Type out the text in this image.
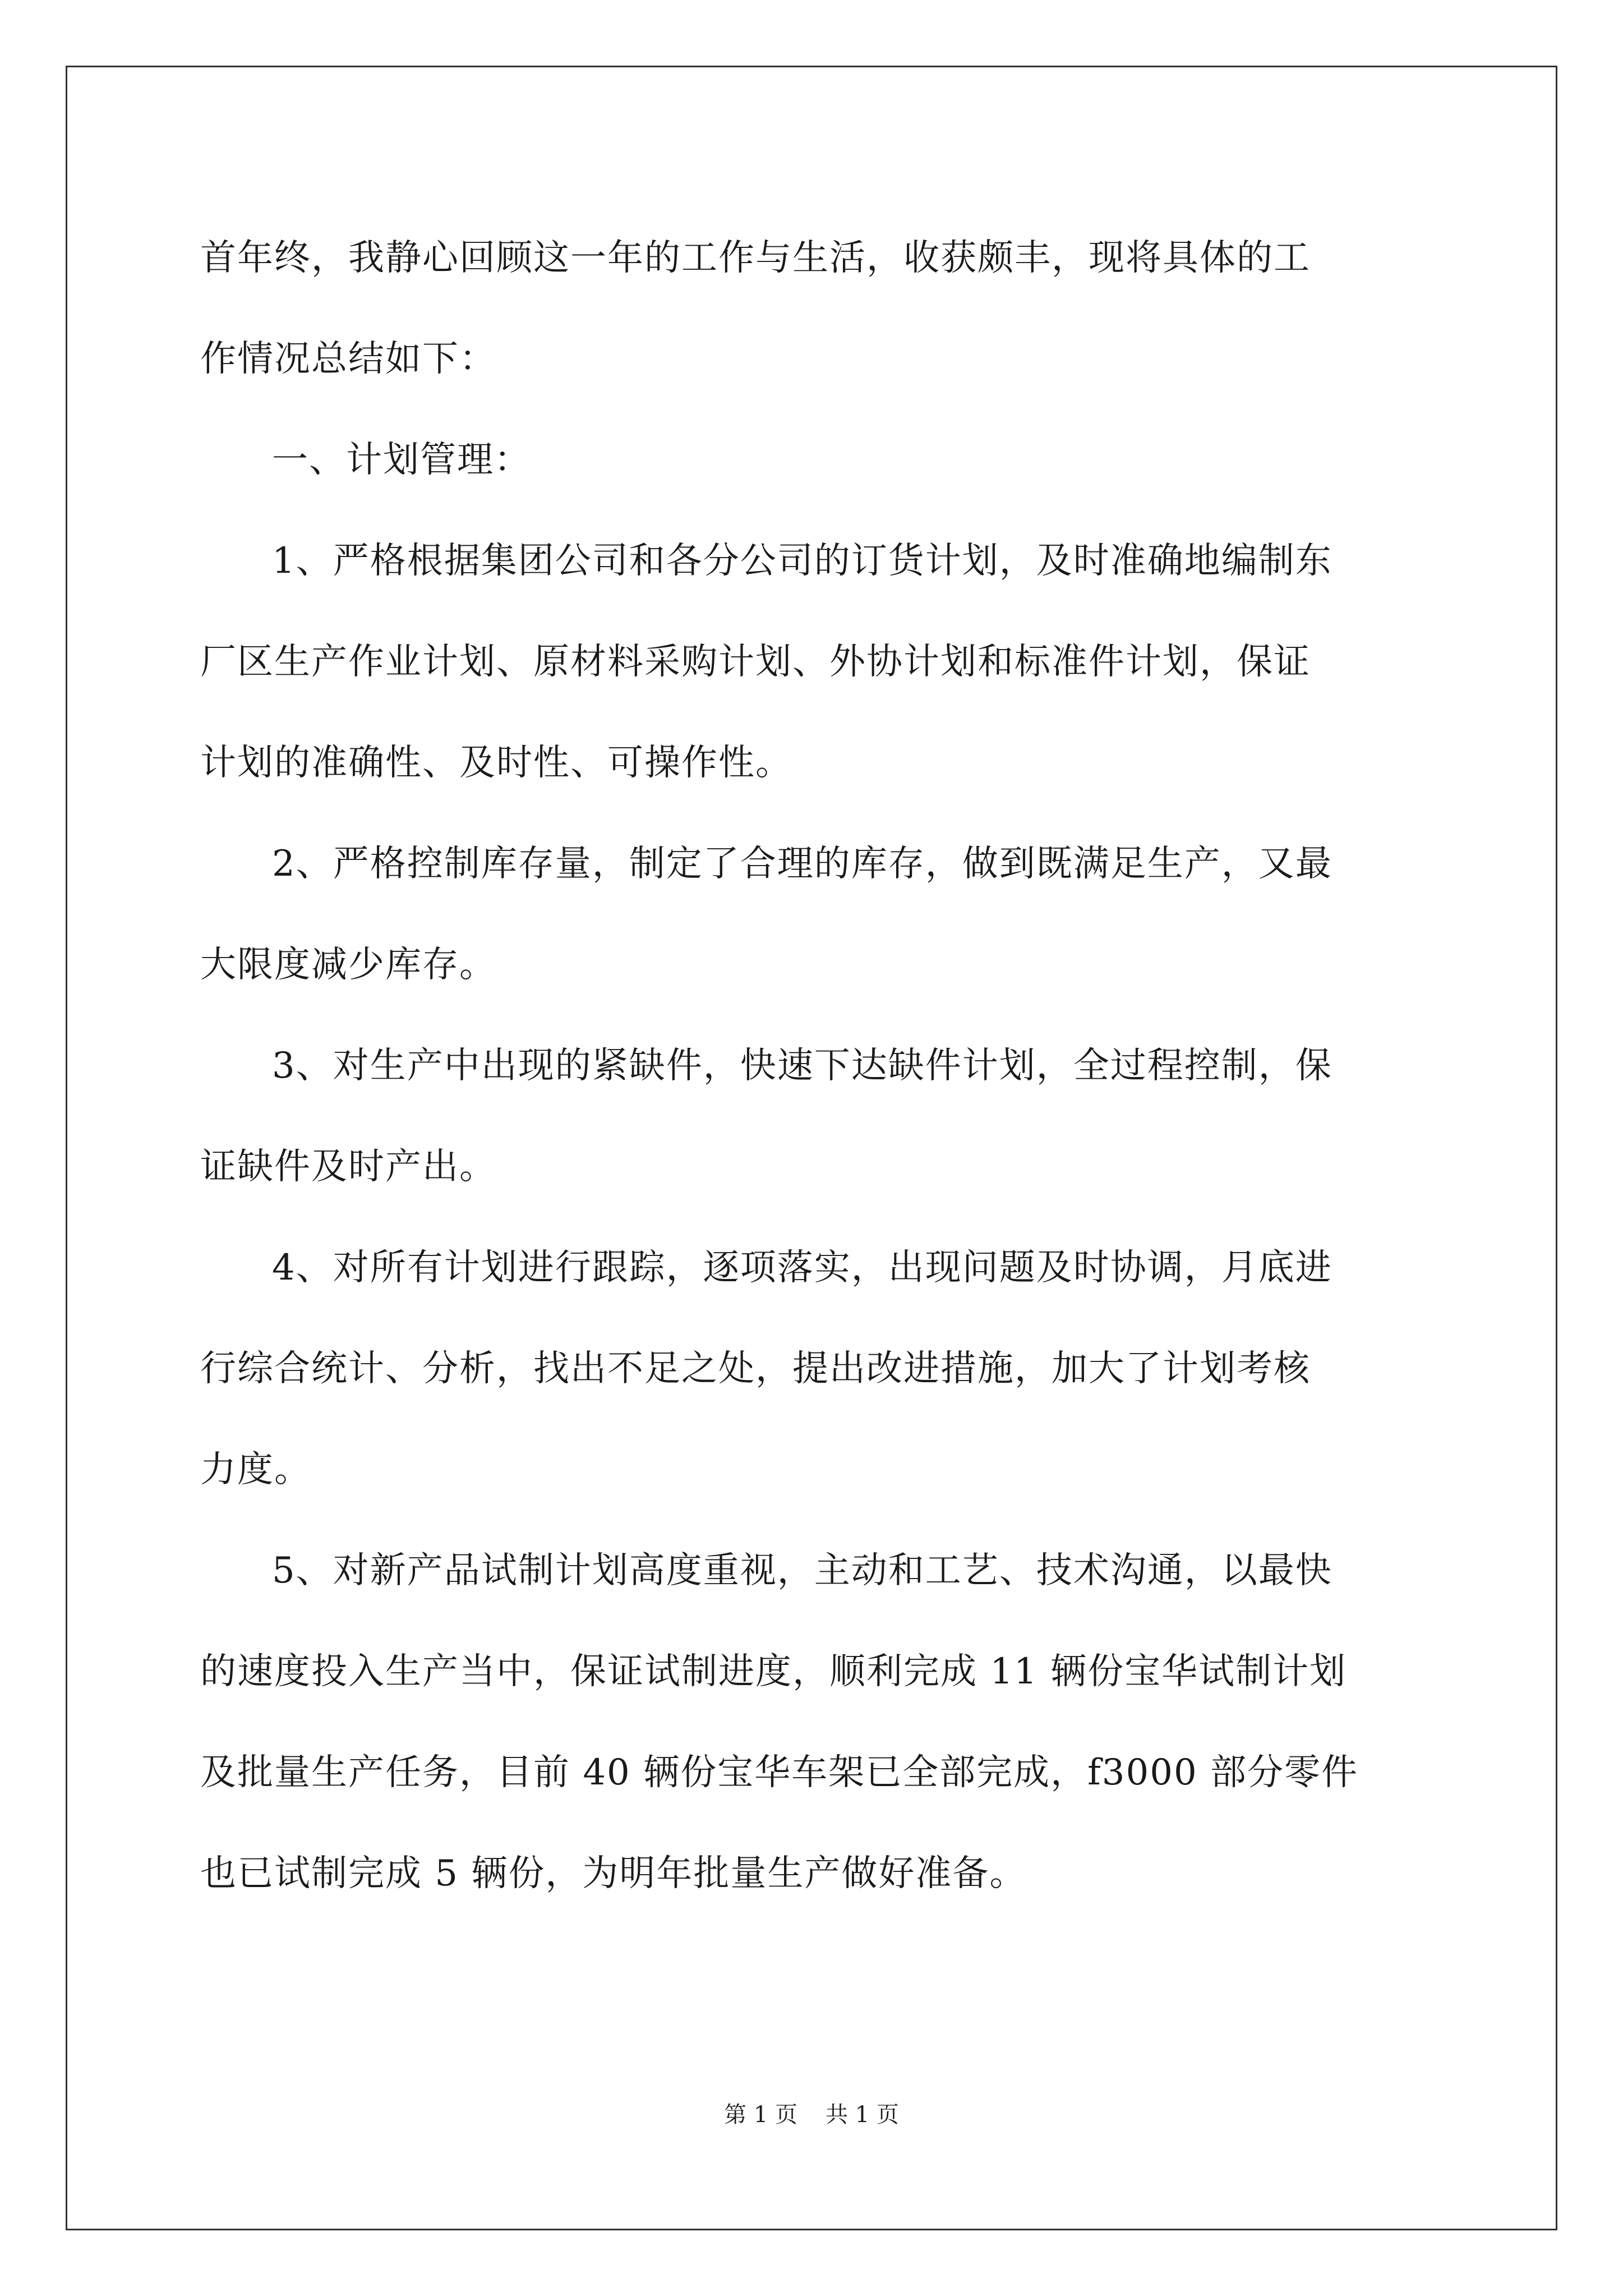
首年终，我静心回顾这一年的工作与生活，收获颇丰，现将具体的工
作情况总结如下：
一、计划管理：
1、严格根据集团公司和各分公司的订货计划，及时准确地编制东
厂区生产作业计划、原材料采购计划、外协计划和标准件计划，保证
计划的准确性、及时性、可操作性。
2、严格控制库存量，制定了合理的库存，做到既满足生产，又最
大限度减少库存。
3、对生产中出现的紧缺件，快速下达缺件计划，全过程控制，保
证缺件及时产出。
4、对所有计划进行跟踪，逐项落实，出现问题及时协调，月底进
行综合统计、分析，找出不足之处，提出改进措施，加大了计划考核
力度。
5、对新产品试制计划高度重视，主动和工艺、技术沟通，以最快
的速度投入生产当中，保证试制进度，顺利完成 11 辆份宝华试制计划
及批量生产任务，目前 40 辆份宝华车架已全部完成，f3000 部分零件
也已试制完成 5 辆份，为明年批量生产做好准备。
第 1 页 共 1 页
